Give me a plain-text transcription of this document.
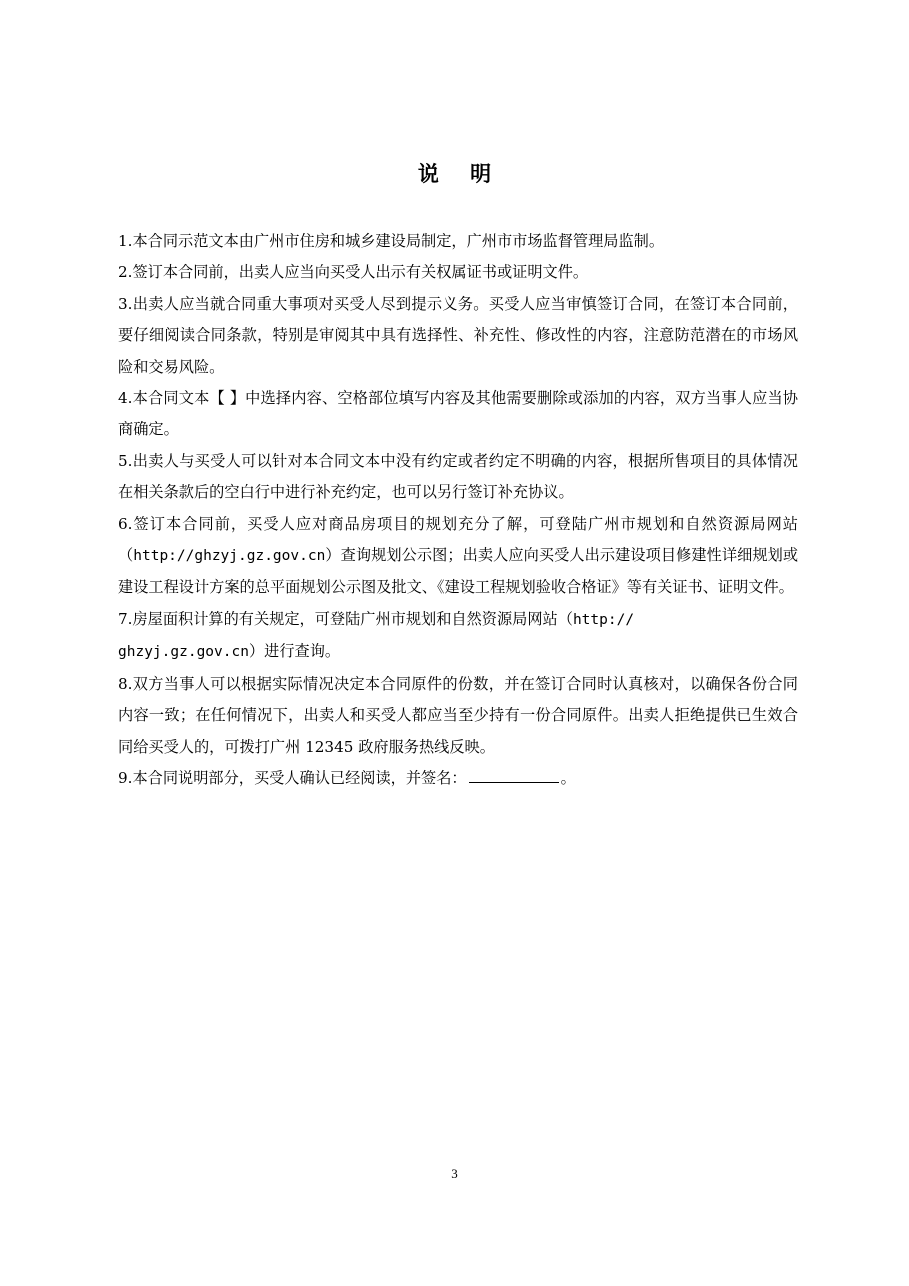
说 明

1.本合同示范文本由广州市住房和城乡建设局制定，广州市市场监督管理局监制。

2.签订本合同前，出卖人应当向买受人出示有关权属证书或证明文件。

3.出卖人应当就合同重大事项对买受人尽到提示义务。买受人应当审慎签订合同，在签订本合同前，要仔细阅读合同条款，特别是审阅其中具有选择性、补充性、修改性的内容，注意防范潜在的市场风险和交易风险。

4.本合同文本【 】中选择内容、空格部位填写内容及其他需要删除或添加的内容，双方当事人应当协商确定。

5.出卖人与买受人可以针对本合同文本中没有约定或者约定不明确的内容，根据所售项目的具体情况在相关条款后的空白行中进行补充约定，也可以另行签订补充协议。

6.签订本合同前，买受人应对商品房项目的规划充分了解，可登陆广州市规划和自然资源局网站（http://ghzyj.gz.gov.cn）查询规划公示图；出卖人应向买受人出示建设项目修建性详细规划或建设工程设计方案的总平面规划公示图及批文、《建设工程规划验收合格证》等有关证书、证明文件。

7.房屋面积计算的有关规定，可登陆广州市规划和自然资源局网站（http://
ghzyj.gz.gov.cn）进行查询。

8.双方当事人可以根据实际情况决定本合同原件的份数，并在签订合同时认真核对，以确保各份合同内容一致；在任何情况下，出卖人和买受人都应当至少持有一份合同原件。出卖人拒绝提供已生效合同给买受人的，可拨打广州 12345 政府服务热线反映。

9.本合同说明部分，买受人确认已经阅读，并签名：	。

3
